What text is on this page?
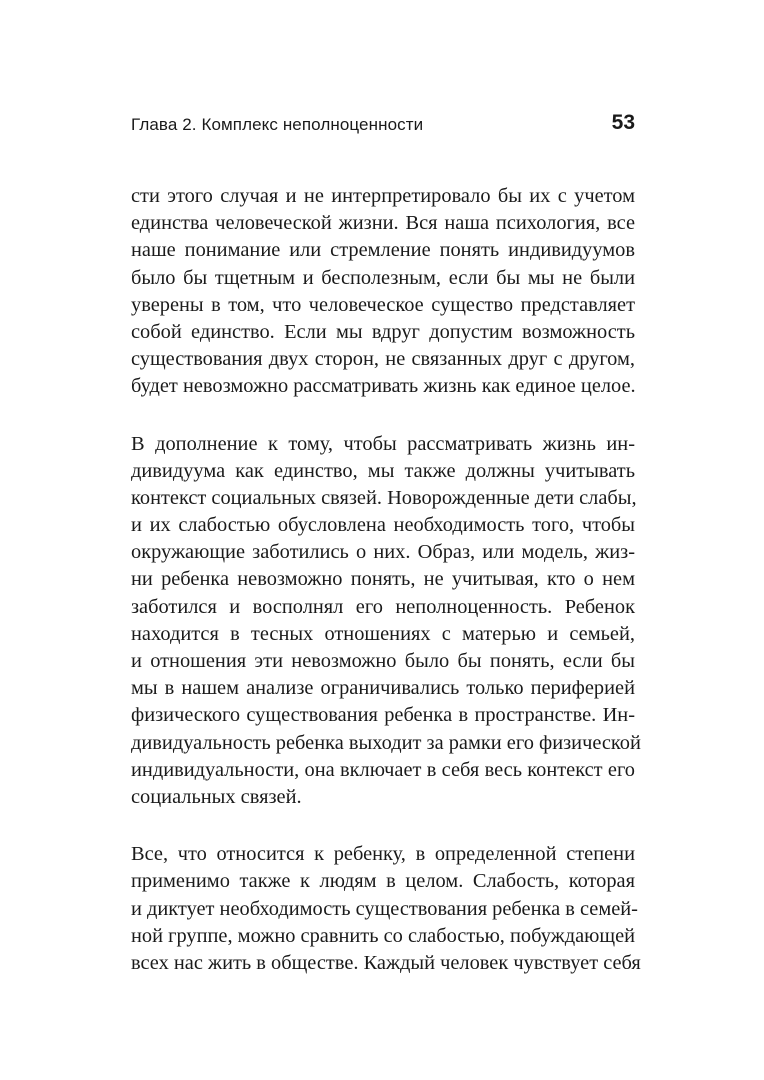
Глава 2. Комплекс неполноценности	53

сти этого случая и не интерпретировало бы их с учетом
единства человеческой жизни. Вся наша психология, все
наше понимание или стремление понять индивидуумов
было бы тщетным и бесполезным, если бы мы не были
уверены в том, что человеческое существо представляет
собой единство. Если мы вдруг допустим возможность
существования двух сторон, не связанных друг с другом,
будет невозможно рассматривать жизнь как единое целое.

В дополнение к тому, чтобы рассматривать жизнь ин-
дивидуума как единство, мы также должны учитывать
контекст социальных связей. Новорожденные дети слабы,
и их слабостью обусловлена необходимость того, чтобы
окружающие заботились о них. Образ, или модель, жиз-
ни ребенка невозможно понять, не учитывая, кто о нем
заботился и восполнял его неполноценность. Ребенок
находится в тесных отношениях с матерью и семьей,
и отношения эти невозможно было бы понять, если бы
мы в нашем анализе ограничивались только периферией
физического существования ребенка в пространстве. Ин-
дивидуальность ребенка выходит за рамки его физической
индивидуальности, она включает в себя весь контекст его
социальных связей.

Все, что относится к ребенку, в определенной степени
применимо также к людям в целом. Слабость, которая
и диктует необходимость существования ребенка в семей-
ной группе, можно сравнить со слабостью, побуждающей
всех нас жить в обществе. Каждый человек чувствует себя
